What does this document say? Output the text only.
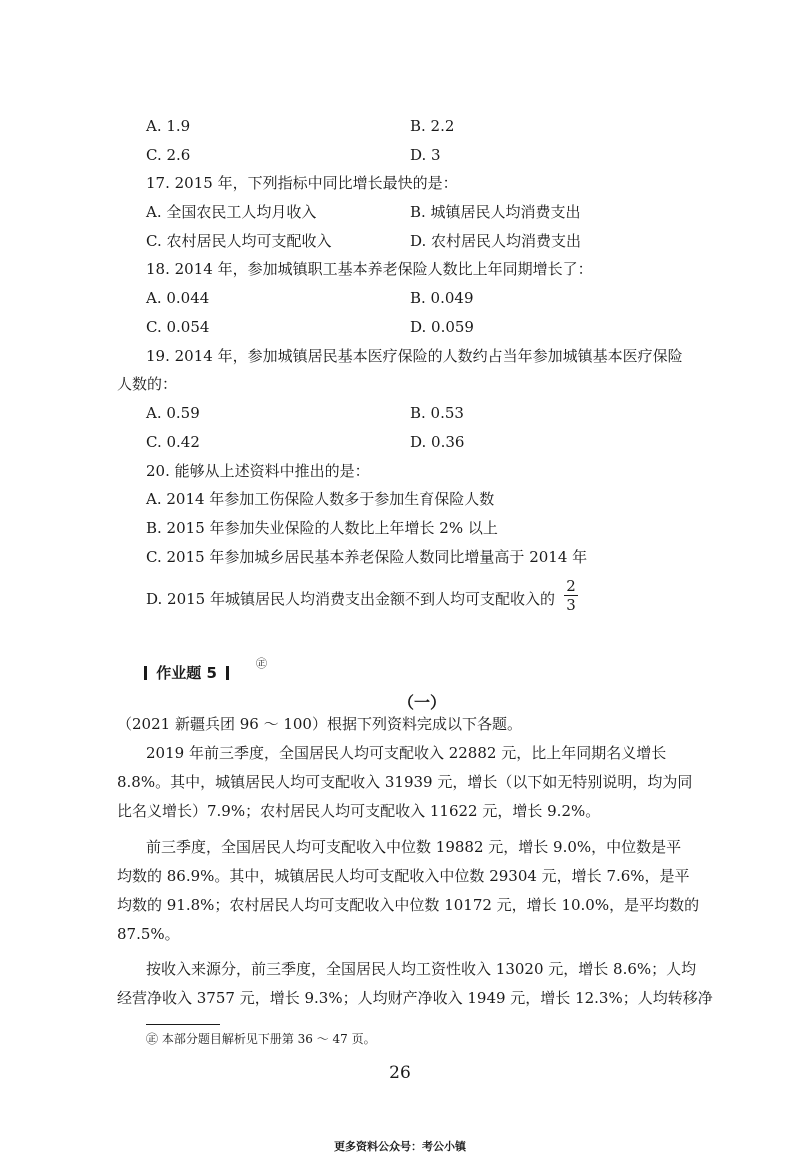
A. 1.9	B. 2.2
C. 2.6	D. 3
17. 2015 年，下列指标中同比增长最快的是：
A. 全国农民工人均月收入	B. 城镇居民人均消费支出
C. 农村居民人均可支配收入	D. 农村居民人均消费支出
18. 2014 年，参加城镇职工基本养老保险人数比上年同期增长了：
A. 0.044	B. 0.049
C. 0.054	D. 0.059
19. 2014 年，参加城镇居民基本医疗保险的人数约占当年参加城镇基本医疗保险
人数的：
A. 0.59	B. 0.53
C. 0.42	D. 0.36
20. 能够从上述资料中推出的是：
A. 2014 年参加工伤保险人数多于参加生育保险人数
B. 2015 年参加失业保险的人数比上年增长 2% 以上
C. 2015 年参加城乡居民基本养老保险人数同比增量高于 2014 年
D. 2015 年城镇居民人均消费支出金额不到人均可支配收入的
2
3
作业题 5
㊣
（一）
（2021 新疆兵团 96 ～ 100）根据下列资料完成以下各题。
2019 年前三季度，全国居民人均可支配收入 22882 元，比上年同期名义增长
8.8%。其中，城镇居民人均可支配收入 31939 元，增长（以下如无特别说明，均为同
比名义增长）7.9%；农村居民人均可支配收入 11622 元，增长 9.2%。
前三季度，全国居民人均可支配收入中位数 19882 元，增长 9.0%，中位数是平
均数的 86.9%。其中，城镇居民人均可支配收入中位数 29304 元，增长 7.6%，是平
均数的 91.8%；农村居民人均可支配收入中位数 10172 元，增长 10.0%，是平均数的
87.5%。
按收入来源分，前三季度，全国居民人均工资性收入 13020 元，增长 8.6%；人均
经营净收入 3757 元，增长 9.3%；人均财产净收入 1949 元，增长 12.3%；人均转移净
㊣ 本部分题目解析见下册第 36 ～ 47 页。
26
更多资料公众号：考公小镇
